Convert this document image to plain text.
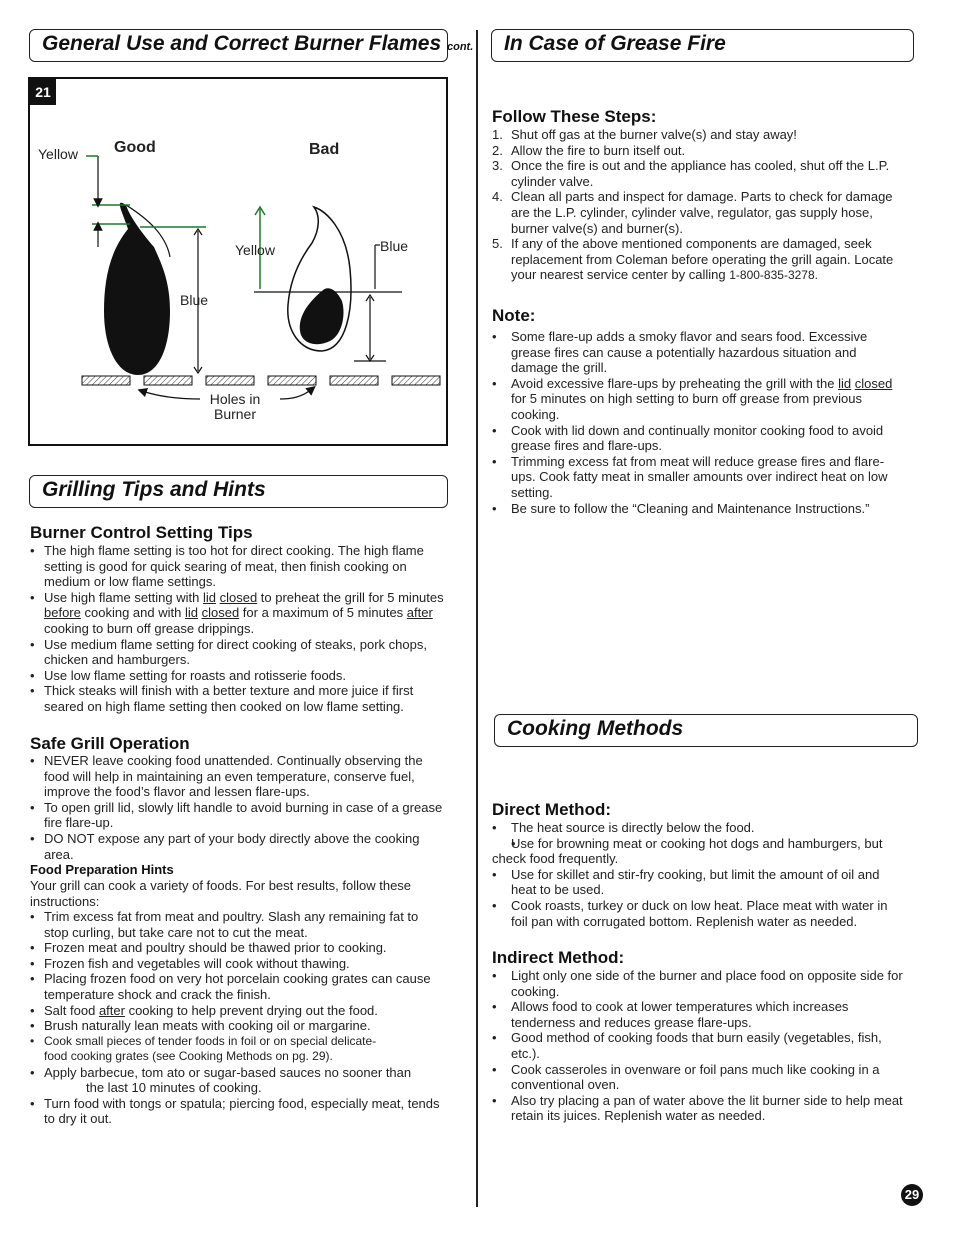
General Use and Correct Burner Flames cont.
21
Yellow Good	Bad
Blue
Yellow	Blue
Holes in
Burner
Grilling Tips and Hints
Burner Control Setting Tips
• The high flame setting is too hot for direct cooking. The high flame setting is good for quick searing of meat, then finish cooking on medium or low flame settings.
• Use high flame setting with lid closed to preheat the grill for 5 minutes before cooking and with lid closed for a maximum of 5 minutes after cooking to burn off grease drippings.
• Use medium flame setting for direct cooking of steaks, pork chops, chicken and hamburgers.
• Use low flame setting for roasts and rotisserie foods.
• Thick steaks will finish with a better texture and more juice if first seared on high flame setting then cooked on low flame setting.
Safe Grill Operation
• NEVER leave cooking food unattended. Continually observing the food will help in maintaining an even temperature, conserve fuel, improve the food’s flavor and lessen flare-ups.
• To open grill lid, slowly lift handle to avoid burning in case of a grease fire flare-up.
• DO NOT expose any part of your body directly above the cooking area.
Food Preparation Hints
Your grill can cook a variety of foods. For best results, follow these instructions:
• Trim excess fat from meat and poultry. Slash any remaining fat to stop curling, but take care not to cut the meat.
• Frozen meat and poultry should be thawed prior to cooking.
• Frozen fish and vegetables will cook without thawing.
• Placing frozen food on very hot porcelain cooking grates can cause temperature shock and crack the finish.
• Salt food after cooking to help prevent drying out the food.
• Brush naturally lean meats with cooking oil or margarine.
• Cook small pieces of tender foods in foil or on special delicate-
food cooking grates (see Cooking Methods on pg. 29).
• Apply barbecue, tom ato or sugar-based sauces no sooner than
the last 10 minutes of cooking.
• Turn food with tongs or spatula; piercing food, especially meat, tends to dry it out.
In Case of Grease Fire
Follow These Steps:
1. Shut off gas at the burner valve(s) and stay away!
2. Allow the fire to burn itself out.
3. Once the fire is out and the appliance has cooled, shut off the L.P. cylinder valve.
4. Clean all parts and inspect for damage. Parts to check for damage are the L.P. cylinder, cylinder valve, regulator, gas supply hose, burner valve(s) and burner(s).
5. If any of the above mentioned components are damaged, seek replacement from Coleman before operating the grill again. Locate your nearest service center by calling 1-800-835-3278.
Note:
• Some flare-up adds a smoky flavor and sears food. Excessive grease fires can cause a potentially hazardous situation and damage the grill.
• Avoid excessive flare-ups by preheating the grill with the lid closed for 5 minutes on high setting to burn off grease from previous cooking.
• Cook with lid down and continually monitor cooking food to avoid grease fires and flare-ups.
• Trimming excess fat from meat will reduce grease fires and flare-ups. Cook fatty meat in smaller amounts over indirect heat on low setting.
• Be sure to follow the “Cleaning and Maintenance Instructions.”
Cooking Methods
Direct Method:
• The heat source is directly below the food.
• Use for browning meat or cooking hot dogs and hamburgers, but check food frequently.
• Use for skillet and stir-fry cooking, but limit the amount of oil and heat to be used.
• Cook roasts, turkey or duck on low heat. Place meat with water in foil pan with corrugated bottom. Replenish water as needed.
Indirect Method:
• Light only one side of the burner and place food on opposite side for cooking.
• Allows food to cook at lower temperatures which increases tenderness and reduces grease flare-ups.
• Good method of cooking foods that burn easily (vegetables, fish, etc.).
• Cook casseroles in ovenware or foil pans much like cooking in a conventional oven.
• Also try placing a pan of water above the lit burner side to help meat retain its juices. Replenish water as needed.
29
